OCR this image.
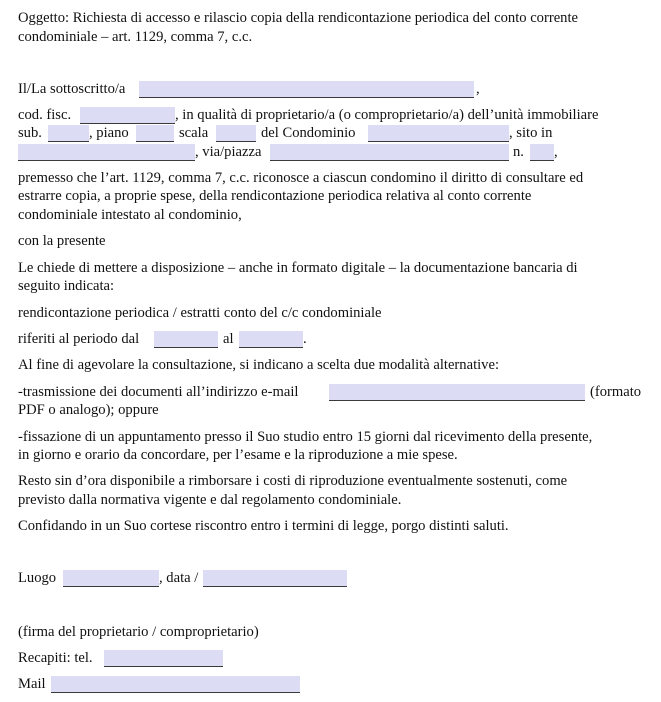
Oggetto: Richiesta di accesso e rilascio copia della rendicontazione periodica del conto corrente
condominiale – art. 1129, comma 7, c.c.
Il/La sottoscritto/a	,
cod. fisc.	, in qualità di proprietario/a (o comproprietario/a) dell’unità immobiliare
sub.	, piano	scala	del Condominio	, sito in
, via/piazza	n. ,
premesso che l’art. 1129, comma 7, c.c. riconosce a ciascun condomino il diritto di consultare ed
estrarre copia, a proprie spese, della rendicontazione periodica relativa al conto corrente
condominiale intestato al condominio,
con la presente
Le chiede di mettere a disposizione – anche in formato digitale – la documentazione bancaria di
seguito indicata:
rendicontazione periodica / estratti conto del c/c condominiale
riferiti al periodo dal	al	.
Al fine di agevolare la consultazione, si indicano a scelta due modalità alternative:
-trasmissione dei documenti all’indirizzo e-mail	(formato
PDF o analogo); oppure
-fissazione di un appuntamento presso il Suo studio entro 15 giorni dal ricevimento della presente,
in giorno e orario da concordare, per l’esame e la riproduzione a mie spese.
Resto sin d’ora disponibile a rimborsare i costi di riproduzione eventualmente sostenuti, come
previsto dalla normativa vigente e dal regolamento condominiale.
Confidando in un Suo cortese riscontro entro i termini di legge, porgo distinti saluti.
Luogo	, data /
(firma del proprietario / comproprietario)
Recapiti: tel.
Mail
